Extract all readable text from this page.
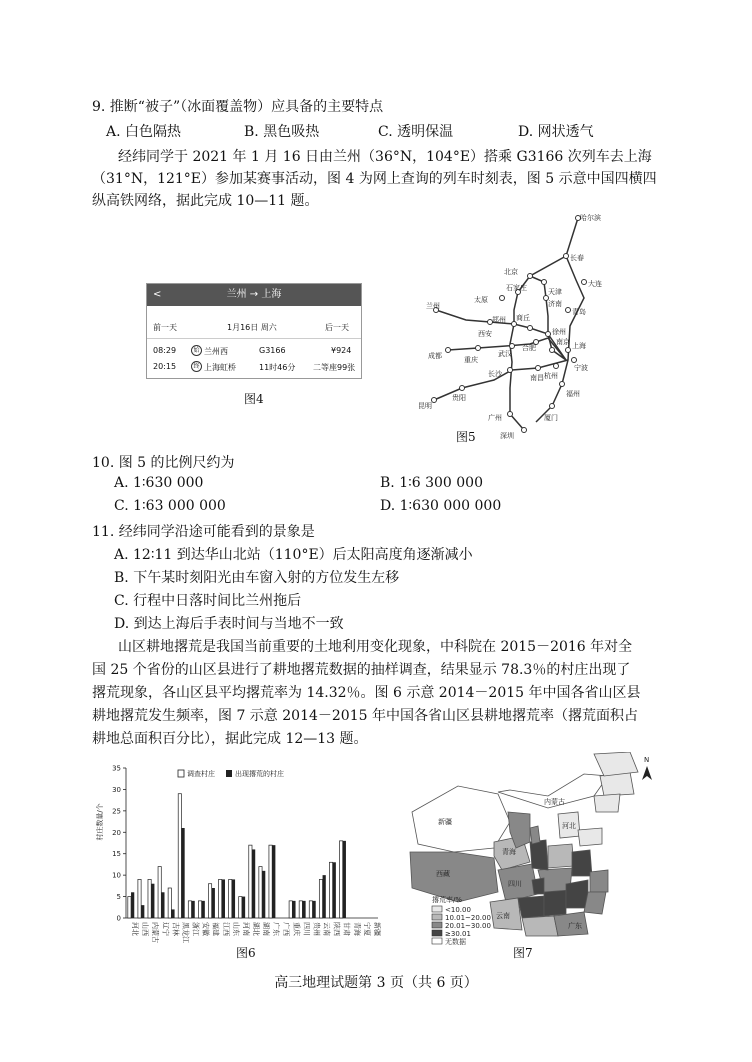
9. 推断“被子”（冰面覆盖物）应具备的主要特点
A. 白色隔热	B. 黑色吸热	C. 透明保温	D. 网状透气
经纬同学于 2021 年 1 月 16 日由兰州（36°N，104°E）搭乘 G3166 次列车去上海
（31°N，121°E）参加某赛事活动，图 4 为网上查询的列车时刻表，图 5 示意中国四横四
纵高铁网络，据此完成 10—11 题。
<	兰州 → 上海
前一天	1月16日 周六	后一天
08:29	始 兰州西	G3166	¥924
20:15	终 上海虹桥	11时46分 二等座99张
图4
哈尔滨
长春
北京
大连
石家庄	天津
太原	济南
青岛
兰州
郑州 商丘
徐州
南京
成都	重庆
西安
武汉
合肥	上海
杭州
宁波
长沙	南昌
昆明
贵阳	福州
厦门
广州
深圳
图5
10. 图 5 的比例尺约为
A. 1∶630 000	B. 1∶6 300 000
C. 1∶63 000 000	D. 1∶630 000 000
11. 经纬同学沿途可能看到的景象是
A. 12∶11 到达华山北站（110°E）后太阳高度角逐渐减小
B. 下午某时刻阳光由车窗入射的方位发生左移
C. 行程中日落时间比兰州拖后
D. 到达上海后手表时间与当地不一致
山区耕地撂荒是我国当前重要的土地利用变化现象，中科院在 2015－2016 年对全
国 25 个省份的山区县进行了耕地撂荒数据的抽样调查，结果显示 78.3％的村庄出现了
撂荒现象，各山区县平均撂荒率为 14.32％。图 6 示意 2014－2015 年中国各省山区县
耕地撂荒发生频率，图 7 示意 2014－2015 年中国各省山区县耕地撂荒率（撂荒面积占
耕地总面积百分比），据此完成 12—13 题。
村庄数量/个
0
5
10
15
20
25
30
35
河北 山西 内蒙古 辽宁 吉林 黑龙江 浙江 安徽 福建 江西 山东 河南 湖北 湖南 广东 广西 重庆 四川 贵州 云南 陕西 甘肃 青海 宁夏 新疆
调查村庄	出现撂荒的村庄
图6
新疆
西藏
青海
四川
云南
广东
内蒙古
河北
N
撂荒率/%
<10.00
10.01~20.00
20.01~30.00
≥30.01
无数据
图7
高三地理试题第 3 页（共 6 页）
